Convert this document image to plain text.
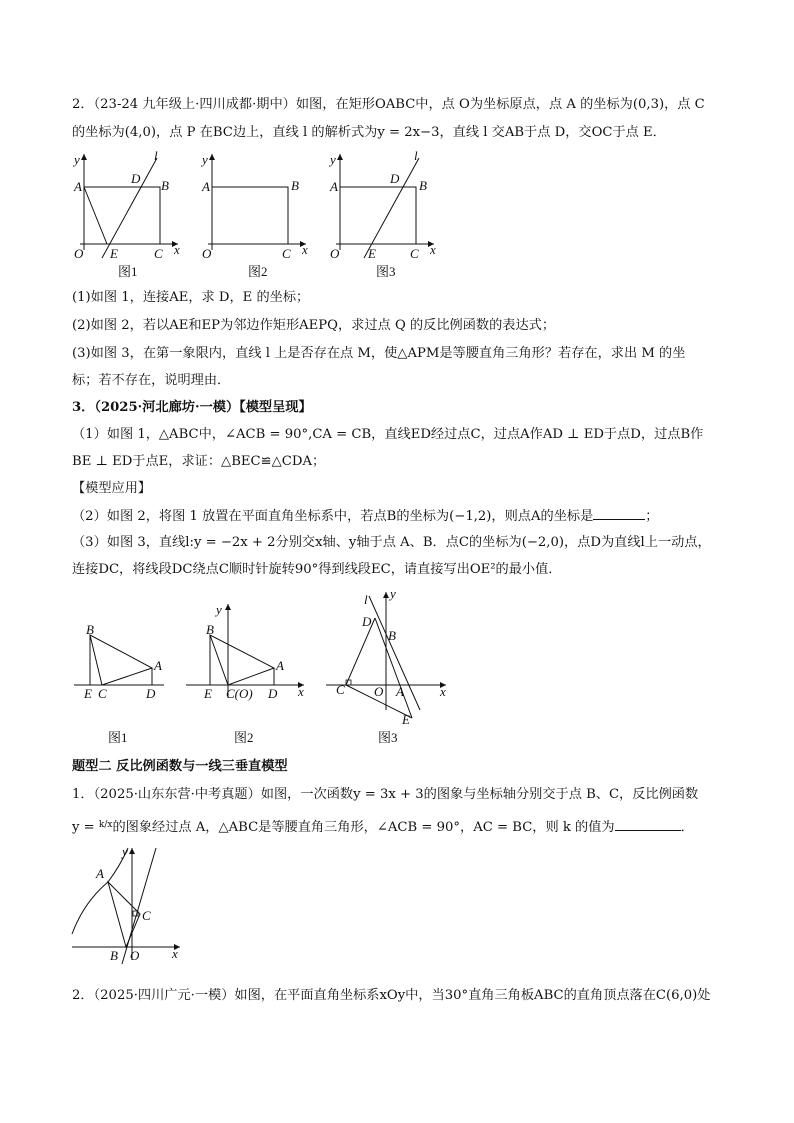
2．（23-24 九年级上·四川成都·期中）如图，在矩形OABC中，点 O为坐标原点，点 A 的坐标为(0,3)，点 C
的坐标为(4,0)，点 P 在BC边上，直线 l 的解析式为y = 2x−3，直线 l 交AB于点 D，交OC于点 E．
y
A
D B
l
O E	C x
图1
y
A	B
O	C x
图2
y
A
D B
l
O E	C x
图3
(1)如图 1，连接AE，求 D，E 的坐标；
(2)如图 2，若以AE和EP为邻边作矩形AEPQ，求过点 Q 的反比例函数的表达式；
(3)如图 3，在第一象限内，直线 l 上是否存在点 M，使△APM是等腰直角三角形？若存在，求出 M 的坐
标；若不存在，说明理由．
3．（2025·河北廊坊·一模）【模型呈现】
（1）如图 1，△ABC中，∠ACB = 90°,CA = CB，直线ED经过点C，过点A作AD ⊥ ED于点D，过点B作
BE ⊥ ED于点E，求证：△BEC≌△CDA；
【模型应用】
（2）如图 2，将图 1 放置在平面直角坐标系中，若点B的坐标为(−1,2)，则点A的坐标是	；
（3）如图 3，直线l:y = −2x + 2分别交x轴、y轴于点 A、B．点C的坐标为(−2,0)，点D为直线l上一动点，
连接DC，将线段DC绕点C顺时针旋转90°得到线段EC，请直接写出OE²的最小值．
B
A
E C	D
图1
y
B
A
E C(O) D x
图2
l y
D
B
C O A	x
E
图3
题型二 反比例函数与一线三垂直模型
1．（2025·山东东营·中考真题）如图，一次函数y = 3x + 3的图象与坐标轴分别交于点 B、C，反比例函数
y = $^{k/x}$的图象经过点 A，△ABC是等腰直角三角形，∠ACB = 90°，AC = BC，则 k 的值为	．
y
A
C
B O	x
2．（2025·四川广元·一模）如图，在平面直角坐标系xOy中，当30°直角三角板ABC的直角顶点落在C(6,0)处
